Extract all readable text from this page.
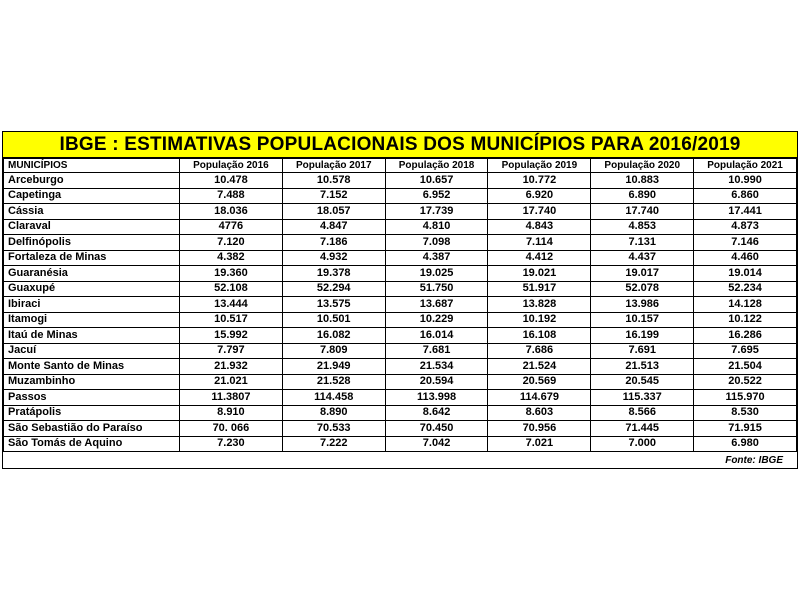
IBGE : ESTIMATIVAS POPULACIONAIS DOS MUNICÍPIOS PARA 2016/2019
MUNICÍPIOS	População 2016	População 2017	População 2018	População 2019	População 2020	População 2021
Arceburgo	10.478	10.578	10.657	10.772	10.883	10.990
Capetinga	7.488	7.152	6.952	6.920	6.890	6.860
Cássia	18.036	18.057	17.739	17.740	17.740	17.441
Claraval	4776	4.847	4.810	4.843	4.853	4.873
Delfinópolis	7.120	7.186	7.098	7.114	7.131	7.146
Fortaleza de Minas	4.382	4.932	4.387	4.412	4.437	4.460
Guaranésia	19.360	19.378	19.025	19.021	19.017	19.014
Guaxupé	52.108	52.294	51.750	51.917	52.078	52.234
Ibiraci	13.444	13.575	13.687	13.828	13.986	14.128
Itamogi	10.517	10.501	10.229	10.192	10.157	10.122
Itaú de Minas	15.992	16.082	16.014	16.108	16.199	16.286
Jacuí	7.797	7.809	7.681	7.686	7.691	7.695
Monte Santo de Minas	21.932	21.949	21.534	21.524	21.513	21.504
Muzambinho	21.021	21.528	20.594	20.569	20.545	20.522
Passos	11.3807	114.458	113.998	114.679	115.337	115.970
Pratápolis	8.910	8.890	8.642	8.603	8.566	8.530
São Sebastião do Paraíso	70. 066	70.533	70.450	70.956	71.445	71.915
São Tomás de Aquino	7.230	7.222	7.042	7.021	7.000	6.980
Fonte: IBGE
